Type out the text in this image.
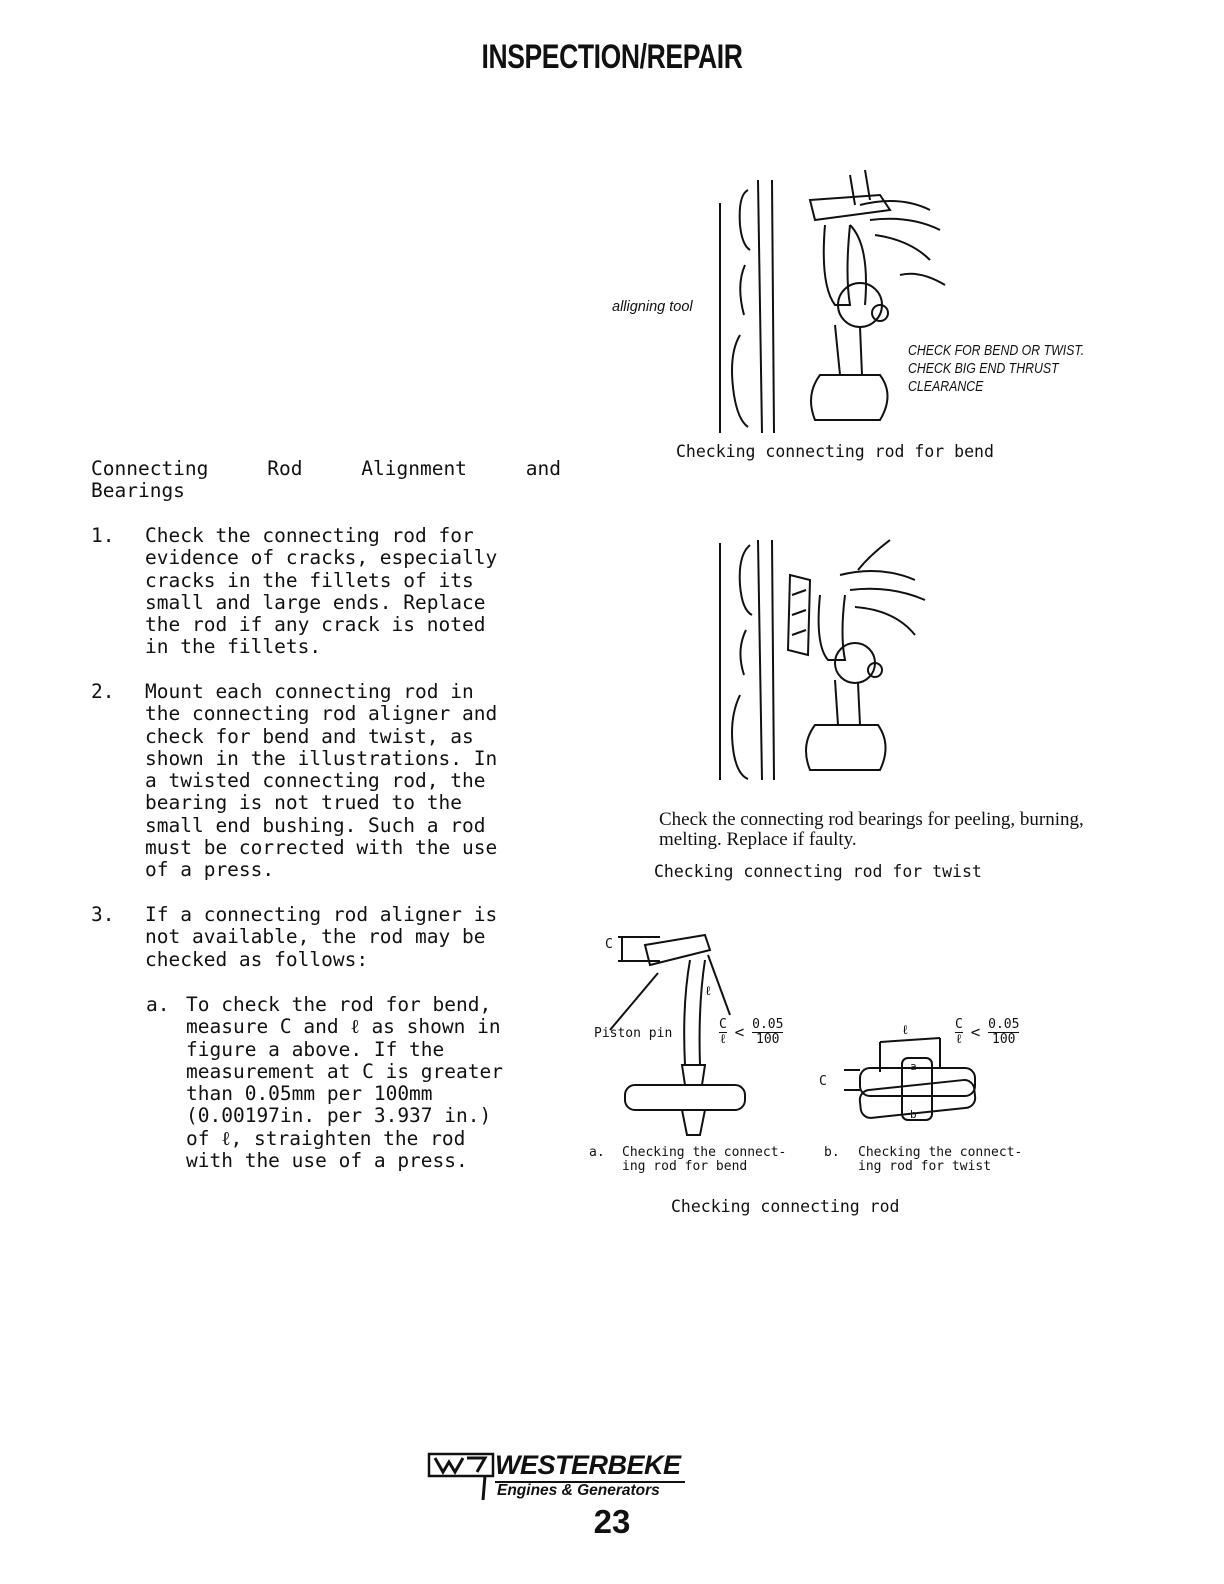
INSPECTION/REPAIR
Connecting	Rod	Alignment	and
Bearings
1. Check the connecting rod for
evidence of cracks, especially
cracks in the fillets of its
small and large ends. Replace
the rod if any crack is noted
in the fillets.
2. Mount each connecting rod in
the connecting rod aligner and
check for bend and twist, as
shown in the illustrations. In
a twisted connecting rod, the
bearing is not trued to the
small end bushing. Such a rod
must be corrected with the use
of a press.
3. If a connecting rod aligner is
not available, the rod may be
checked as follows:
a. To check the rod for bend,
measure C and ℓ as shown in
figure a above. If the
measurement at C is greater
than 0.05mm per 100mm
(0.00197in. per 3.937 in.)
of ℓ, straighten the rod
with the use of a press.
alligning tool
CHECK FOR BEND OR TWIST.
CHECK BIG END THRUST
CLEARANCE
Checking connecting rod for bend
Check the connecting rod bearings for peeling, burning,
melting. Replace if faulty.
Checking connecting rod for twist
C
ℓ
Piston pin
C
ℓ < $\frac{0.05}{100}$	ℓ	C
ℓ < $\frac{0.05}{100}$
C
a
b
a. Checking the connect-
ing rod for bend
b. Checking the connect-
ing rod for twist
Checking connecting rod
WESTERBEKE
Engines & Generators
23
